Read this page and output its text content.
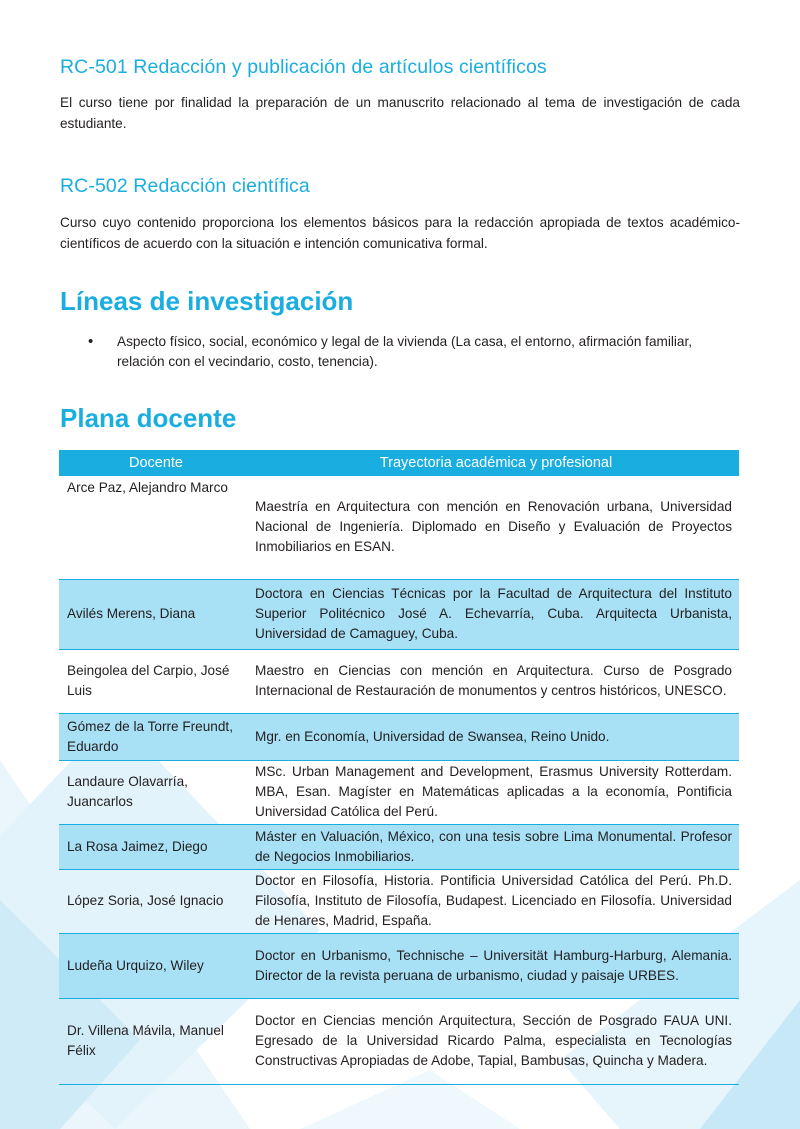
RC-501 Redacción y publicación de artículos científicos

El curso tiene por finalidad la preparación de un manuscrito relacionado al tema de investigación de cada estudiante.

RC-502 Redacción científica

Curso cuyo contenido proporciona los elementos básicos para la redacción apropiada de textos académico-científicos de acuerdo con la situación e intención comunicativa formal.

Líneas de investigación
• Aspecto físico, social, económico y legal de la vivienda (La casa, el entorno, afirmación familiar, relación con el vecindario, costo, tenencia).
Plana docente
Docente	Trayectoria académica y profesional
Arce Paz, Alejandro Marco	Maestría en Arquitectura con mención en Renovación urbana, Universidad Nacional de Ingeniería. Diplomado en Diseño y Evaluación de Proyectos Inmobiliarios en ESAN.
Avilés Merens, Diana	Doctora en Ciencias Técnicas por la Facultad de Arquitectura del Instituto Superior Politécnico José A. Echevarría, Cuba. Arquitecta Urbanista, Universidad de Camaguey, Cuba.
Beingolea del Carpio, José Luis	Maestro en Ciencias con mención en Arquitectura. Curso de Posgrado Internacional de Restauración de monumentos y centros históricos, UNESCO.
Gómez de la Torre Freundt, Eduardo	Mgr. en Economía, Universidad de Swansea, Reino Unido.
Landaure Olavarría, Juancarlos	MSc. Urban Management and Development, Erasmus University Rotterdam. MBA, Esan. Magíster en Matemáticas aplicadas a la economía, Pontificia Universidad Católica del Perú.
La Rosa Jaimez, Diego	Máster en Valuación, México, con una tesis sobre Lima Monumental. Profesor de Negocios Inmobiliarios.
López Soria, José Ignacio	Doctor en Filosofía, Historia. Pontificia Universidad Católica del Perú. Ph.D. Filosofía, Instituto de Filosofía, Budapest. Licenciado en Filosofía. Universidad de Henares, Madrid, España.
Ludeña Urquizo, Wiley	Doctor en Urbanismo, Technische – Universität Hamburg-Harburg, Alemania. Director de la revista peruana de urbanismo, ciudad y paisaje URBES.
Dr. Villena Mávila, Manuel Félix	Doctor en Ciencias mención Arquitectura, Sección de Posgrado FAUA UNI. Egresado de la Universidad Ricardo Palma, especialista en Tecnologías Constructivas Apropiadas de Adobe, Tapial, Bambusas, Quincha y Madera.
